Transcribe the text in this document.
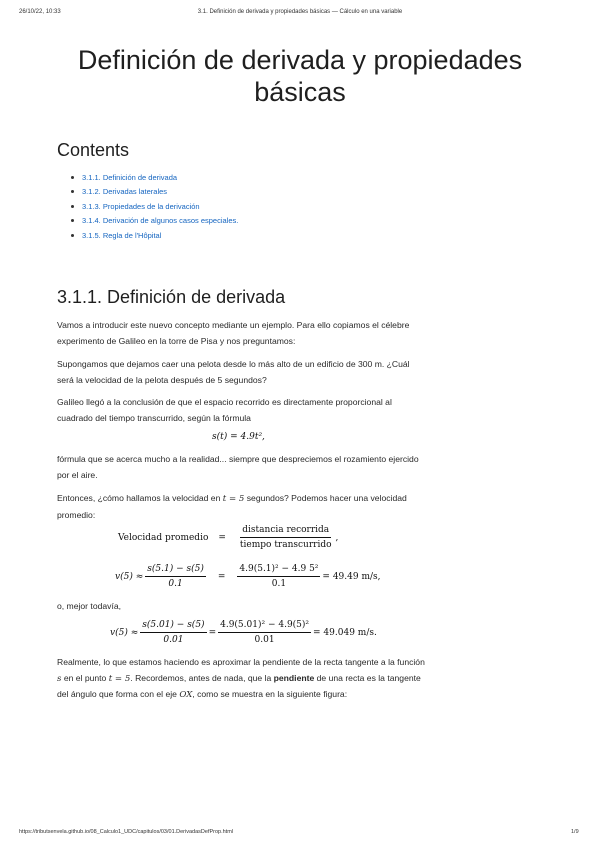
26/10/22, 10:33	3.1. Definición de derivada y propiedades básicas — Cálculo en una variable
Definición de derivada y propiedades
básicas
Contents
3.1.1. Definición de derivada
3.1.2. Derivadas laterales
3.1.3. Propiedades de la derivación
3.1.4. Derivación de algunos casos especiales.
3.1.5. Regla de l'Hôpital
3.1.1. Definición de derivada

Vamos a introducir este nuevo concepto mediante un ejemplo. Para ello copiamos el célebre experimento de Galileo en la torre de Pisa y nos preguntamos:

Supongamos que dejamos caer una pelota desde lo más alto de un edificio de 300 m. ¿Cuál será la velocidad de la pelota después de 5 segundos?

Galileo llegó a la conclusión de que el espacio recorrido es directamente proporcional al cuadrado del tiempo transcurrido, según la fórmula

s(t) = 4.9t²,

fórmula que se acerca mucho a la realidad... siempre que despreciemos el rozamiento ejercido por el aire.

Entonces, ¿cómo hallamos la velocidad en t = 5 segundos? Podemos hacer una velocidad promedio:

Velocidad promedio = $\frac{\text{distancia recorrida}}{\text{tiempo transcurrido}}$ ,
$v(5) \approx \frac{s(5.1) - s(5)}{0.1} = \frac{\text{4.9(5.1)² − 4.9 5²}}{0.1} = 49.49$ m/s,

o, mejor todavía,

$v(5) \approx \frac{s(5.01) - s(5)}{0.01} = \frac{\text{4.9(5.01)² − 4.9(5)²}}{0.01} = 49.049$ m/s.

Realmente, lo que estamos haciendo es aproximar la pendiente de la recta tangente a la función s en el punto t = 5. Recordemos, antes de nada, que la pendiente de una recta es la tangente del ángulo que forma con el eje OX, como se muestra en la siguiente figura:

https://tributsenvela.github.io/08_Calculo1_UDC/capitulos/03/01.DerivadasDefProp.html	1/9
